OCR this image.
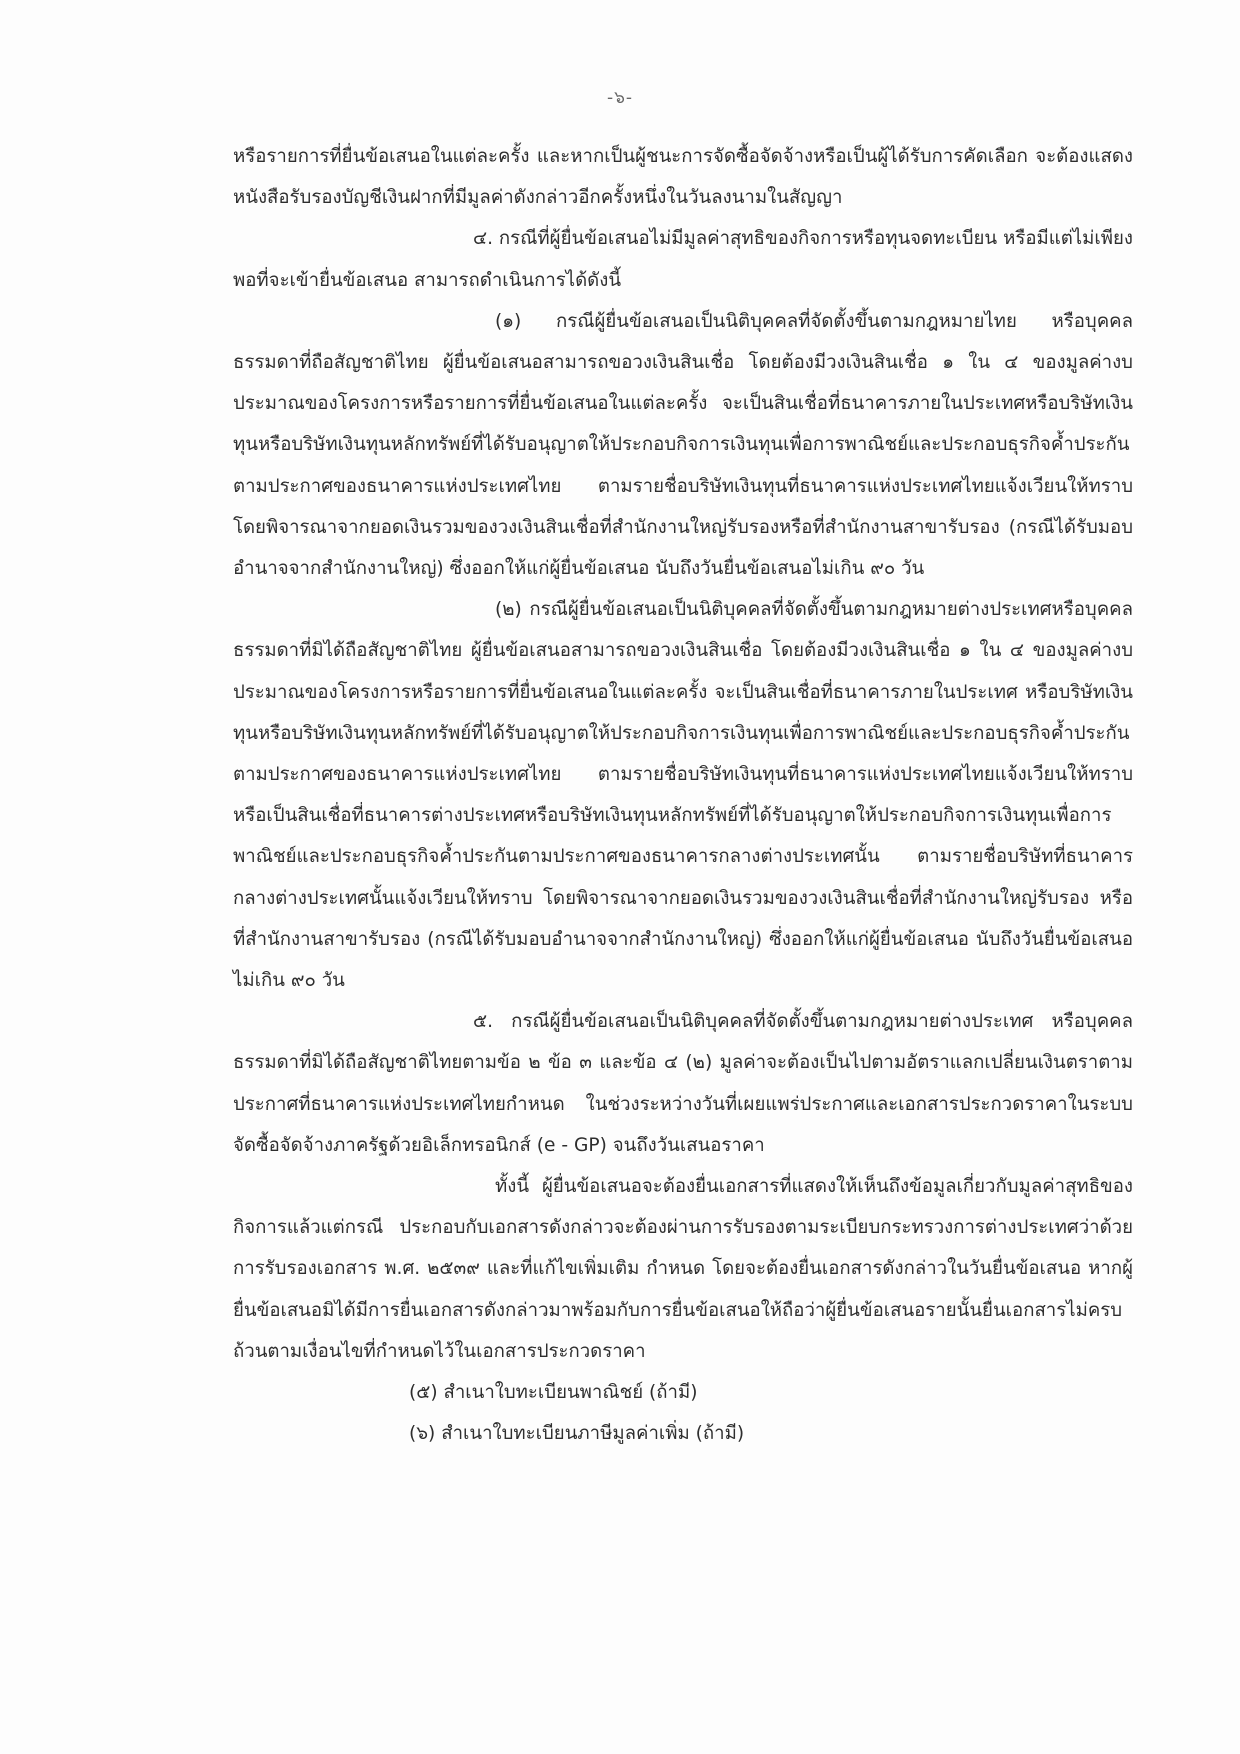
-๖-

หรือรายการที่ยื่นข้อเสนอในแต่ละครั้ง และหากเป็นผู้ชนะการจัดซื้อจัดจ้างหรือเป็นผู้ได้รับการคัดเลือก จะต้องแสดงหนังสือรับรองบัญชีเงินฝากที่มีมูลค่าดังกล่าวอีกครั้งหนึ่งในวันลงนามในสัญญา

๔. กรณีที่ผู้ยื่นข้อเสนอไม่มีมูลค่าสุทธิของกิจการหรือทุนจดทะเบียน หรือมีแต่ไม่เพียงพอที่จะเข้ายื่นข้อเสนอ สามารถดำเนินการได้ดังนี้

(๑) กรณีผู้ยื่นข้อเสนอเป็นนิติบุคคลที่จัดตั้งขึ้นตามกฎหมายไทย หรือบุคคลธรรมดาที่ถือสัญชาติไทย ผู้ยื่นข้อเสนอสามารถขอวงเงินสินเชื่อ โดยต้องมีวงเงินสินเชื่อ ๑ ใน ๔ ของมูลค่างบประมาณของโครงการหรือรายการที่ยื่นข้อเสนอในแต่ละครั้ง จะเป็นสินเชื่อที่ธนาคารภายในประเทศหรือบริษัทเงินทุนหรือบริษัทเงินทุนหลักทรัพย์ที่ได้รับอนุญาตให้ประกอบกิจการเงินทุนเพื่อการพาณิชย์และประกอบธุรกิจค้ำประกันตามประกาศของธนาคารแห่งประเทศไทย ตามรายชื่อบริษัทเงินทุนที่ธนาคารแห่งประเทศไทยแจ้งเวียนให้ทราบ โดยพิจารณาจากยอดเงินรวมของวงเงินสินเชื่อที่สำนักงานใหญ่รับรองหรือที่สำนักงานสาขารับรอง (กรณีได้รับมอบอำนาจจากสำนักงานใหญ่) ซึ่งออกให้แก่ผู้ยื่นข้อเสนอ นับถึงวันยื่นข้อเสนอไม่เกิน ๙๐ วัน

(๒) กรณีผู้ยื่นข้อเสนอเป็นนิติบุคคลที่จัดตั้งขึ้นตามกฎหมายต่างประเทศหรือบุคคลธรรมดาที่มิได้ถือสัญชาติไทย ผู้ยื่นข้อเสนอสามารถขอวงเงินสินเชื่อ โดยต้องมีวงเงินสินเชื่อ ๑ ใน ๔ ของมูลค่างบประมาณของโครงการหรือรายการที่ยื่นข้อเสนอในแต่ละครั้ง จะเป็นสินเชื่อที่ธนาคารภายในประเทศ หรือบริษัทเงินทุนหรือบริษัทเงินทุนหลักทรัพย์ที่ได้รับอนุญาตให้ประกอบกิจการเงินทุนเพื่อการพาณิชย์และประกอบธุรกิจค้ำประกันตามประกาศของธนาคารแห่งประเทศไทย ตามรายชื่อบริษัทเงินทุนที่ธนาคารแห่งประเทศไทยแจ้งเวียนให้ทราบ หรือเป็นสินเชื่อที่ธนาคารต่างประเทศหรือบริษัทเงินทุนหลักทรัพย์ที่ได้รับอนุญาตให้ประกอบกิจการเงินทุนเพื่อการพาณิชย์และประกอบธุรกิจค้ำประกันตามประกาศของธนาคารกลางต่างประเทศนั้น ตามรายชื่อบริษัทที่ธนาคารกลางต่างประเทศนั้นแจ้งเวียนให้ทราบ โดยพิจารณาจากยอดเงินรวมของวงเงินสินเชื่อที่สำนักงานใหญ่รับรอง หรือที่สำนักงานสาขารับรอง (กรณีได้รับมอบอำนาจจากสำนักงานใหญ่) ซึ่งออกให้แก่ผู้ยื่นข้อเสนอ นับถึงวันยื่นข้อเสนอไม่เกิน ๙๐ วัน

๕. กรณีผู้ยื่นข้อเสนอเป็นนิติบุคคลที่จัดตั้งขึ้นตามกฎหมายต่างประเทศ หรือบุคคลธรรมดาที่มิได้ถือสัญชาติไทยตามข้อ ๒ ข้อ ๓ และข้อ ๔ (๒) มูลค่าจะต้องเป็นไปตามอัตราแลกเปลี่ยนเงินตราตามประกาศที่ธนาคารแห่งประเทศไทยกำหนด ในช่วงระหว่างวันที่เผยแพร่ประกาศและเอกสารประกวดราคาในระบบจัดซื้อจัดจ้างภาครัฐด้วยอิเล็กทรอนิกส์ (e - GP) จนถึงวันเสนอราคา

ทั้งนี้ ผู้ยื่นข้อเสนอจะต้องยื่นเอกสารที่แสดงให้เห็นถึงข้อมูลเกี่ยวกับมูลค่าสุทธิของกิจการแล้วแต่กรณี ประกอบกับเอกสารดังกล่าวจะต้องผ่านการรับรองตามระเบียบกระทรวงการต่างประเทศว่าด้วยการรับรองเอกสาร พ.ศ. ๒๕๓๙ และที่แก้ไขเพิ่มเติม กำหนด โดยจะต้องยื่นเอกสารดังกล่าวในวันยื่นข้อเสนอ หากผู้ยื่นข้อเสนอมิได้มีการยื่นเอกสารดังกล่าวมาพร้อมกับการยื่นข้อเสนอให้ถือว่าผู้ยื่นข้อเสนอรายนั้นยื่นเอกสารไม่ครบถ้วนตามเงื่อนไขที่กำหนดไว้ในเอกสารประกวดราคา

(๕) สำเนาใบทะเบียนพาณิชย์ (ถ้ามี)

(๖) สำเนาใบทะเบียนภาษีมูลค่าเพิ่ม (ถ้ามี)
